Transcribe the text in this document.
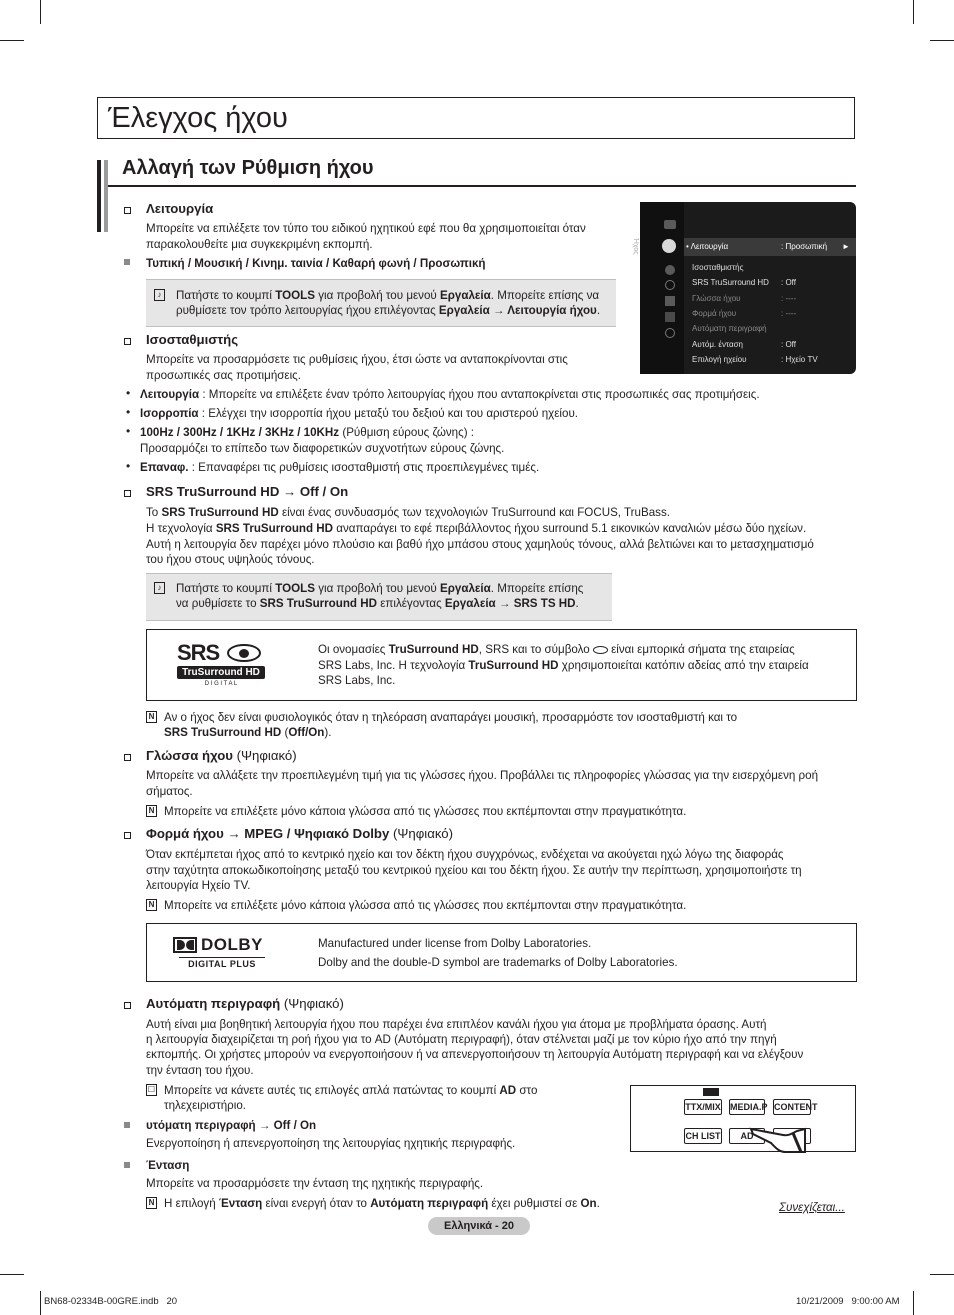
Έλεγχος ήχου
Αλλαγή των Ρύθμιση ήχου
Λειτουργία
Μπορείτε να επιλέξετε τον τύπο του ειδικού ηχητικού εφέ που θα χρησιμοποιείται όταν
παρακολουθείτε μια συγκεκριμένη εκπομπή.
Τυπική / Μουσική / Κινημ. ταινία / Καθαρή φωνή / Προσωπική
♪	Πατήστε το κουμπί TOOLS για προβολή του μενού Εργαλεία. Μπορείτε επίσης να
ρυθμίσετε τον τρόπο λειτουργίας ήχου επιλέγοντας Εργαλεία → Λειτουργία ήχου.
Ήχος	• Λειτουργία	: Προσωπική ►
Ισοσταθμιστής
SRS TruSurround HD : Off
Γλώσσα ήχου	: ----
Φορμά ήχου	: ----
Αυτόματη περιγραφή
Αυτόμ. ένταση	: Off
Επιλογή ηχείου	: Ηχείο TV
Ισοσταθμιστής
Μπορείτε να προσαρμόσετε τις ρυθμίσεις ήχου, έτσι ώστε να ανταποκρίνονται στις
προσωπικές σας προτιμήσεις.
• Λειτουργία : Μπορείτε να επιλέξετε έναν τρόπο λειτουργίας ήχου που ανταποκρίνεται στις προσωπικές σας προτιμήσεις.
• Ισορροπία : Ελέγχει την ισορροπία ήχου μεταξύ του δεξιού και του αριστερού ηχείου.
• 100Hz / 300Hz / 1KHz / 3KHz / 10KHz (Ρύθμιση εύρους ζώνης) :
Προσαρμόζει το επίπεδο των διαφορετικών συχνοτήτων εύρους ζώνης.
• Επαναφ. : Επαναφέρει τις ρυθμίσεις ισοσταθμιστή στις προεπιλεγμένες τιμές.
SRS TruSurround HD → Off / On
Το SRS TruSurround HD είναι ένας συνδυασμός των τεχνολογιών TruSurround και FOCUS, TruBass.
Η τεχνολογία SRS TruSurround HD αναπαράγει το εφέ περιβάλλοντος ήχου surround 5.1 εικονικών καναλιών μέσω δύο ηχείων.
Αυτή η λειτουργία δεν παρέχει μόνο πλούσιο και βαθύ ήχο μπάσου στους χαμηλούς τόνους, αλλά βελτιώνει και το μετασχηματισμό
του ήχου στους υψηλούς τόνους.
♪	Πατήστε το κουμπί TOOLS για προβολή του μενού Εργαλεία. Μπορείτε επίσης
να ρυθμίσετε το SRS TruSurround HD επιλέγοντας Εργαλεία → SRS TS HD.
SRS
TruSurround HD
D I G I T A L
Οι ονομασίες TruSurround HD, SRS και το σύμβολο  είναι εμπορικά σήματα της εταιρείας
SRS Labs, Inc. Η τεχνολογία TruSurround HD χρησιμοποιείται κατόπιν αδείας από την εταιρεία
SRS Labs, Inc.
N Αν ο ήχος δεν είναι φυσιολογικός όταν η τηλεόραση αναπαράγει μουσική, προσαρμόστε τον ισοσταθμιστή και το
SRS TruSurround HD (Off/On).
Γλώσσα ήχου (Ψηφιακό)
Μπορείτε να αλλάξετε την προεπιλεγμένη τιμή για τις γλώσσες ήχου. Προβάλλει τις πληροφορίες γλώσσας για την εισερχόμενη ροή
σήματος.
N Μπορείτε να επιλέξετε μόνο κάποια γλώσσα από τις γλώσσες που εκπέμπονται στην πραγματικότητα.
Φορμά ήχου → MPEG / Ψηφιακό Dolby (Ψηφιακό)
Όταν εκπέμπεται ήχος από το κεντρικό ηχείο και τον δέκτη ήχου συγχρόνως, ενδέχεται να ακούγεται ηχώ λόγω της διαφοράς
στην ταχύτητα αποκωδικοποίησης μεταξύ του κεντρικού ηχείου και του δέκτη ήχου. Σε αυτήν την περίπτωση, χρησιμοποιήστε τη
λειτουργία Ηχείο TV.
N Μπορείτε να επιλέξετε μόνο κάποια γλώσσα από τις γλώσσες που εκπέμπονται στην πραγματικότητα.
DOLBY
DIGITAL PLUS
Manufactured under license from Dolby Laboratories.
Dolby and the double-D symbol are trademarks of Dolby Laboratories.
Αυτόματη περιγραφή (Ψηφιακό)
Αυτή είναι μια βοηθητική λειτουργία ήχου που παρέχει ένα επιπλέον κανάλι ήχου για άτομα με προβλήματα όρασης. Αυτή
η λειτουργία διαχειρίζεται τη ροή ήχου για το AD (Αυτόματη περιγραφή), όταν στέλνεται μαζί με τον κύριο ήχο από την πηγή
εκπομπής. Οι χρήστες μπορούν να ενεργοποιήσουν ή να απενεργοποιήσουν τη λειτουργία Αυτόματη περιγραφή και να ελέγξουν
την ένταση του ήχου.
☐ Μπορείτε να κάνετε αυτές τις επιλογές απλά πατώντας το κουμπί AD στο
τηλεχειριστήριο.
υτόματη περιγραφή → Off / On
Ενεργοποίηση ή απενεργοποίηση της λειτουργίας ηχητικής περιγραφής.
Ένταση
Μπορείτε να προσαρμόσετε την ένταση της ηχητικής περιγραφής.
N Η επιλογή Ένταση είναι ενεργή όταν το Αυτόματη περιγραφή έχει ρυθμιστεί σε On.
TTX/MIX MEDIA.P CONTENT
CH LIST	AD
Συνεχίζεται...
Ελληνικά - 20
BN68-02334B-00GRE.indb   20	10/21/2009   9:00:00 AM
